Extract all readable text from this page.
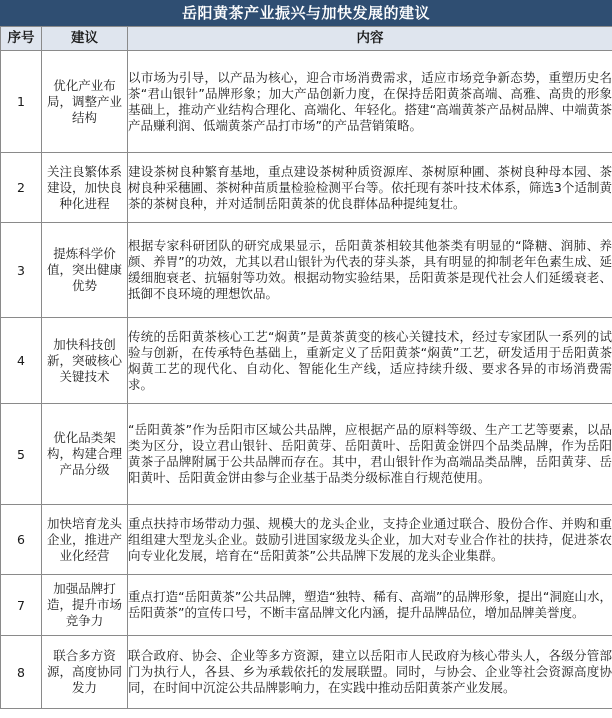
岳阳黄茶产业振兴与加快发展的建议
序号	建议	内容
1	优化产业布局，调整产业结构	以市场为引导，以产品为核心，迎合市场消费需求，适应市场竞争新态势，重塑历史名茶“君山银针”品牌形象；加大产品创新力度，在保持岳阳黄茶高端、高雅、高贵的形象基础上，推动产业结构合理化、高端化、年轻化。搭建“高端黄茶产品树品牌、中端黄茶产品赚利润、低端黄茶产品打市场”的产品营销策略。
2	关注良繁体系建设，加快良种化进程	建设茶树良种繁育基地，重点建设茶树种质资源库、茶树原种圃、茶树良种母本园、茶树良种采穗圃、茶树种苗质量检验检测平台等。依托现有茶叶技术体系，筛选3个适制黄茶的茶树良种，并对适制岳阳黄茶的优良群体品种提纯复壮。
3	提炼科学价值，突出健康优势	根据专家科研团队的研究成果显示，岳阳黄茶相较其他茶类有明显的“降糖、润肺、养颜、养胃”的功效，尤其以君山银针为代表的芽头茶，具有明显的抑制老年色素生成、延缓细胞衰老、抗辐射等功效。根据动物实验结果，岳阳黄茶是现代社会人们延缓衰老、抵御不良环境的理想饮品。
4	加快科技创新，突破核心关键技术	传统的岳阳黄茶核心工艺“焖黄”是黄茶黄变的核心关键技术，经过专家团队一系列的试验与创新，在传承特色基础上，重新定义了岳阳黄茶“焖黄”工艺，研发适用于岳阳黄茶焖黄工艺的现代化、自动化、智能化生产线，适应持续升级、要求各异的市场消费需求。
5	优化品类架构，构建合理产品分级	“岳阳黄茶”作为岳阳市区域公共品牌，应根据产品的原料等级、生产工艺等要素，以品类为区分，设立君山银针、岳阳黄芽、岳阳黄叶、岳阳黄金饼四个品类品牌，作为岳阳黄茶子品牌附属于公共品牌而存在。其中，君山银针作为高端品类品牌，岳阳黄芽、岳阳黄叶、岳阳黄金饼由参与企业基于品类分级标准自行规范使用。
6	加快培育龙头企业，推进产业化经营	重点扶持市场带动力强、规模大的龙头企业，支持企业通过联合、股份合作、并购和重组组建大型龙头企业。鼓励引进国家级龙头企业，加大对专业合作社的扶持，促进茶农向专业化发展，培育在“岳阳黄茶”公共品牌下发展的龙头企业集群。
7	加强品牌打造，提升市场竞争力	重点打造“岳阳黄茶”公共品牌，塑造“独特、稀有、高端”的品牌形象，提出“洞庭山水，岳阳黄茶”的宣传口号，不断丰富品牌文化内涵，提升品牌品位，增加品牌美誉度。
8	联合多方资源，高度协同发力	联合政府、协会、企业等多方资源，建立以岳阳市人民政府为核心带头人，各级分管部门为执行人，各县、乡为承载依托的发展联盟。同时，与协会、企业等社会资源高度协同，在时间中沉淀公共品牌影响力，在实践中推动岳阳黄茶产业发展。
